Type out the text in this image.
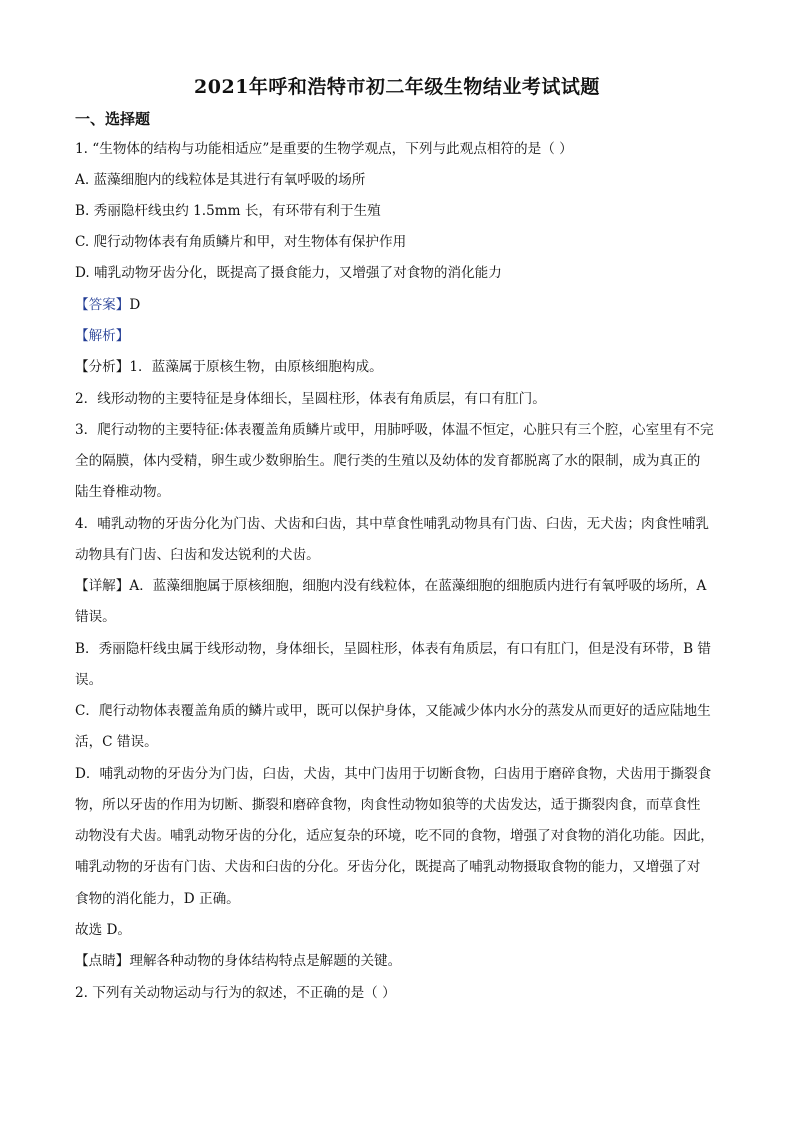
2021年呼和浩特市初二年级生物结业考试试题
一、选择题
1. “生物体的结构与功能相适应”是重要的生物学观点，下列与此观点相符的是（ ）
A. 蓝藻细胞内的线粒体是其进行有氧呼吸的场所
B. 秀丽隐杆线虫约 1.5mm 长，有环带有利于生殖
C. 爬行动物体表有角质鳞片和甲，对生物体有保护作用
D. 哺乳动物牙齿分化，既提高了摄食能力，又增强了对食物的消化能力
【答案】D
【解析】
【分析】1．蓝藻属于原核生物，由原核细胞构成。
2．线形动物的主要特征是身体细长，呈圆柱形，体表有角质层，有口有肛门。
3．爬行动物的主要特征:体表覆盖角质鳞片或甲，用肺呼吸，体温不恒定，心脏只有三个腔，心室里有不完
全的隔膜，体内受精，卵生或少数卵胎生。爬行类的生殖以及幼体的发育都脱离了水的限制，成为真正的
陆生脊椎动物。
4．哺乳动物的牙齿分化为门齿、犬齿和臼齿，其中草食性哺乳动物具有门齿、臼齿，无犬齿；肉食性哺乳
动物具有门齿、臼齿和发达锐利的犬齿。
【详解】A．蓝藻细胞属于原核细胞，细胞内没有线粒体，在蓝藻细胞的细胞质内进行有氧呼吸的场所，A
错误。
B．秀丽隐杆线虫属于线形动物，身体细长，呈圆柱形，体表有角质层，有口有肛门，但是没有环带，B 错
误。
C．爬行动物体表覆盖角质的鳞片或甲，既可以保护身体，又能减少体内水分的蒸发从而更好的适应陆地生
活，C 错误。
D．哺乳动物的牙齿分为门齿，臼齿，犬齿，其中门齿用于切断食物，臼齿用于磨碎食物，犬齿用于撕裂食
物，所以牙齿的作用为切断、撕裂和磨碎食物，肉食性动物如狼等的犬齿发达，适于撕裂肉食，而草食性
动物没有犬齿。哺乳动物牙齿的分化，适应复杂的环境，吃不同的食物，增强了对食物的消化功能。因此，
哺乳动物的牙齿有门齿、犬齿和臼齿的分化。牙齿分化，既提高了哺乳动物摄取食物的能力，又增强了对
食物的消化能力，D 正确。
故选 D。
【点睛】理解各种动物的身体结构特点是解题的关键。
2. 下列有关动物运动与行为的叙述，不正确的是（ ）
